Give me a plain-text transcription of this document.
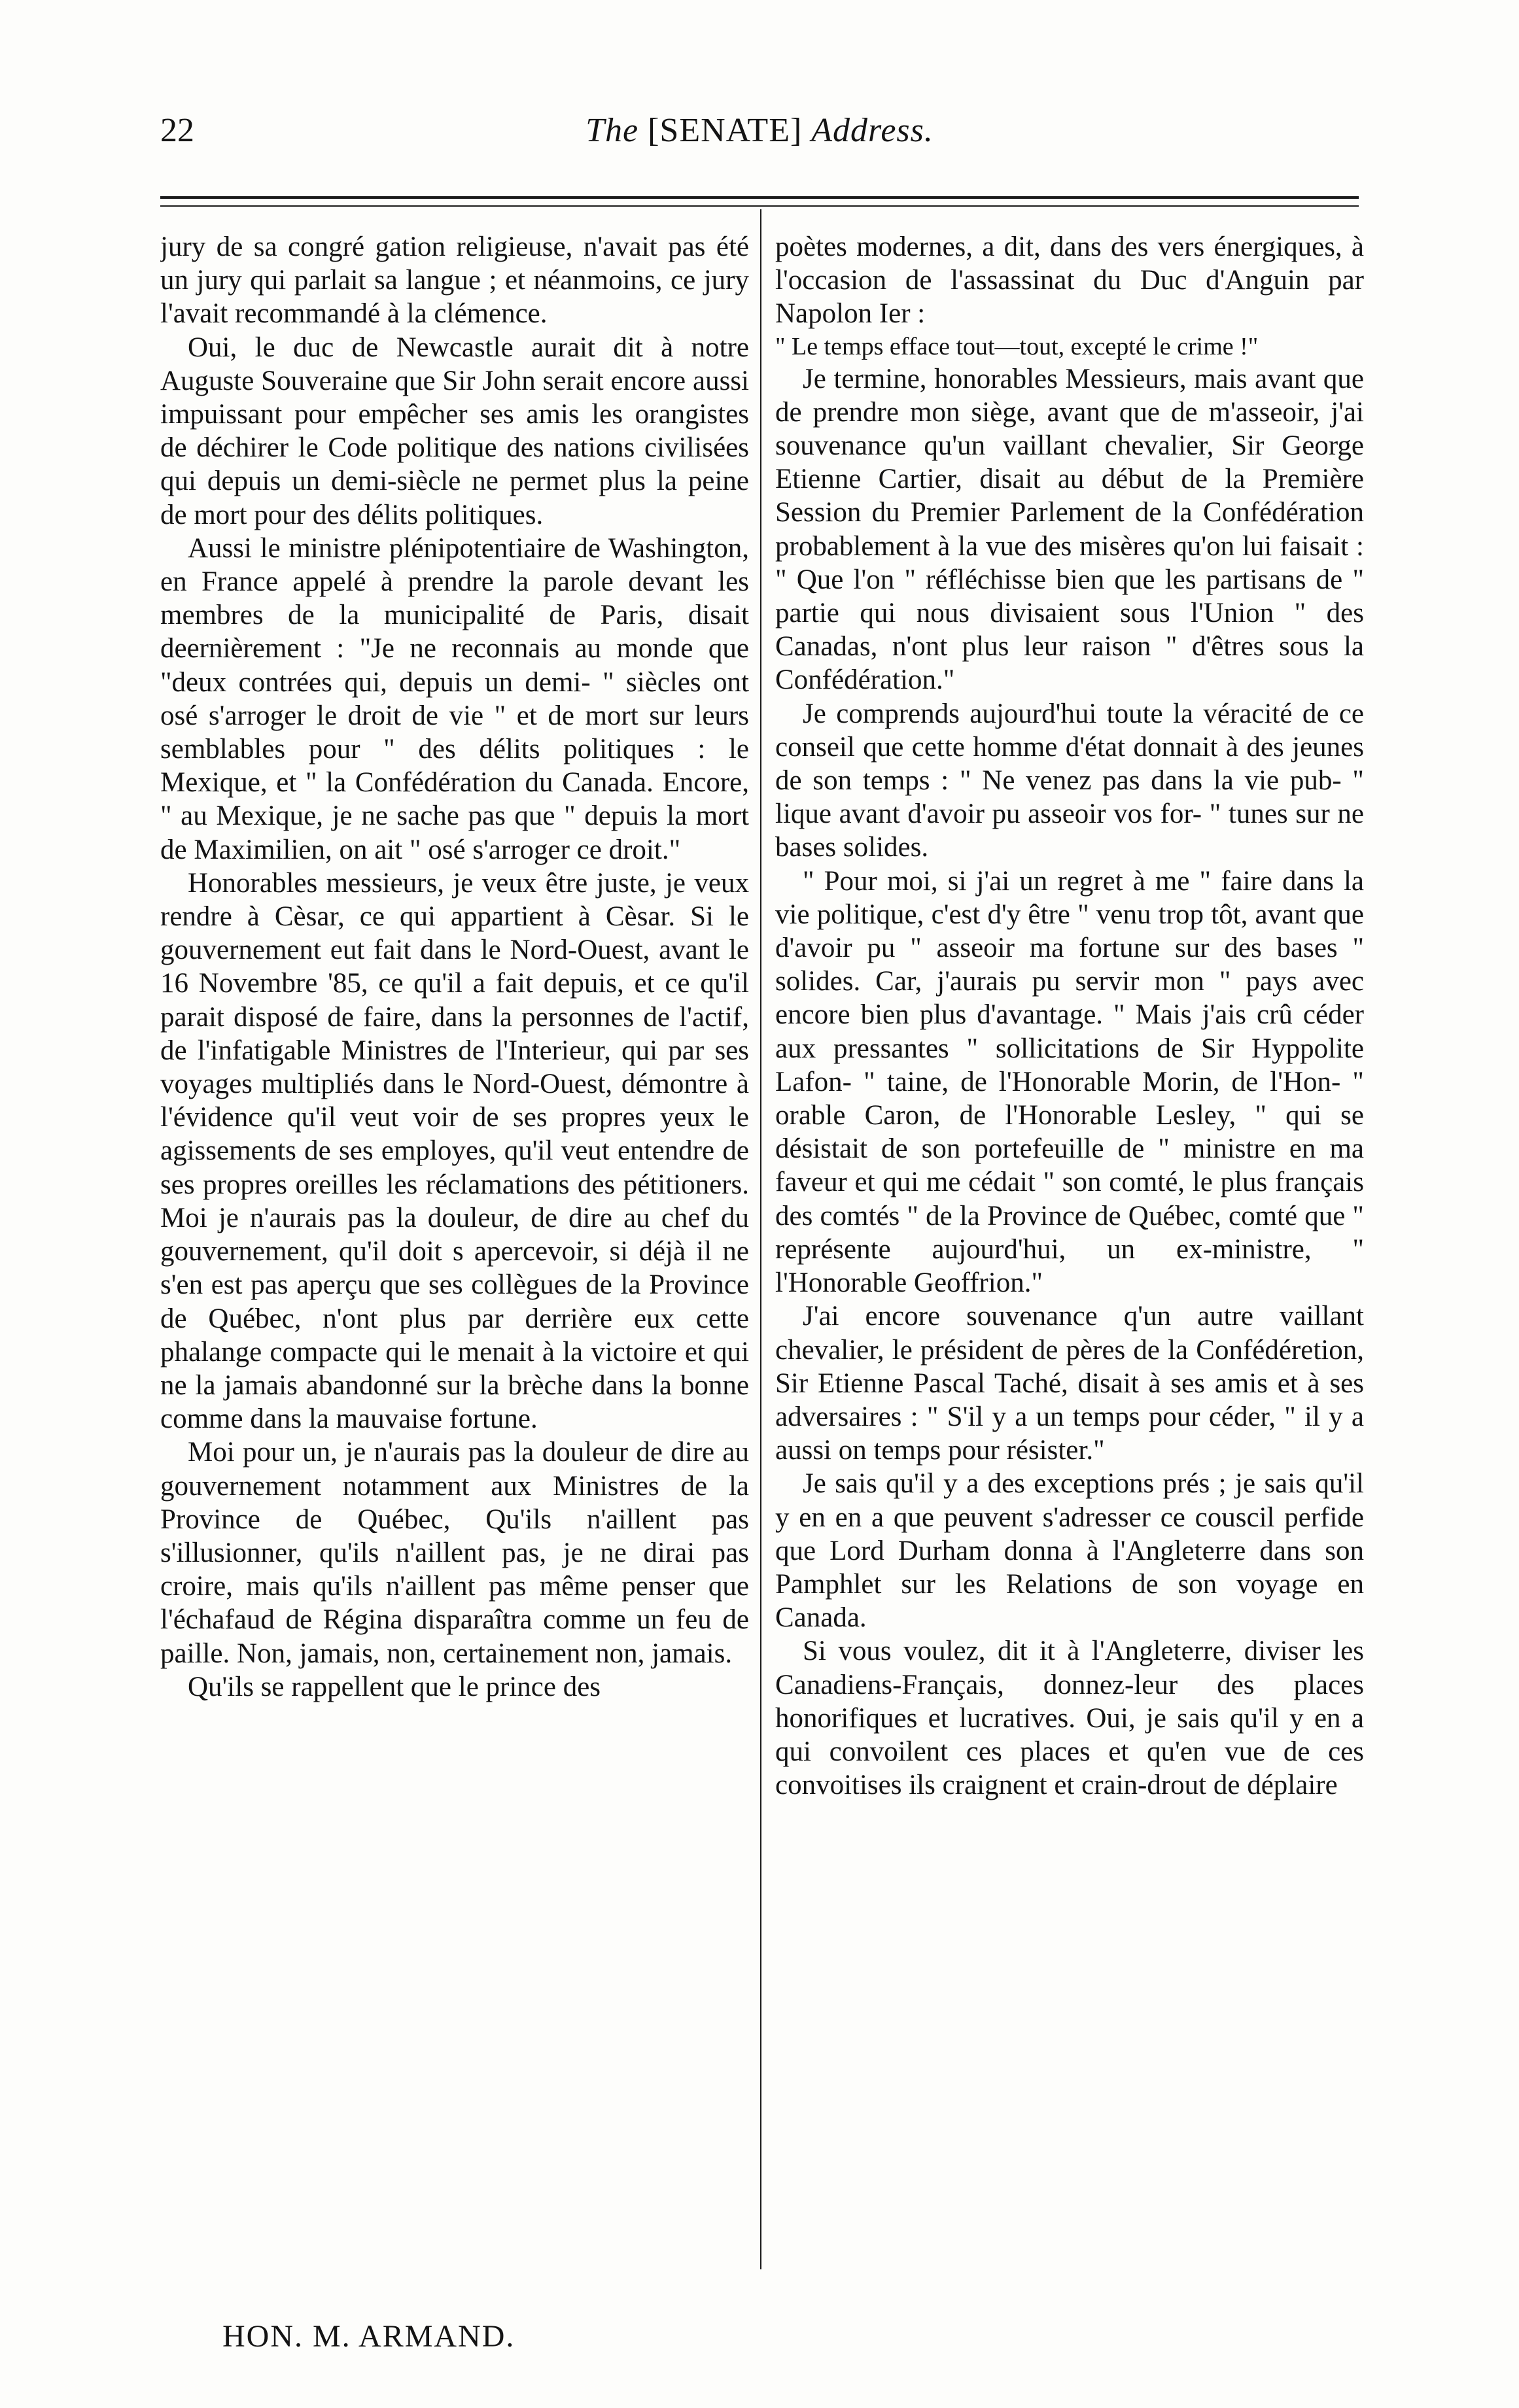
22	The [SENATE] Address.

jury de sa congré gation religieuse, n'avait pas été un jury qui parlait sa langue ; et néanmoins, ce jury l'avait recommandé à la clémence.

Oui, le duc de Newcastle aurait dit à notre Auguste Souveraine que Sir John serait encore aussi impuissant pour empêcher ses amis les orangistes de déchirer le Code politique des nations civilisées qui depuis un demi-siècle ne permet plus la peine de mort pour des délits politiques.

Aussi le ministre plénipotentiaire de Washington, en France appelé à prendre la parole devant les membres de la municipalité de Paris, disait deernièrement : "Je ne reconnais au monde que "deux contrées qui, depuis un demi- " siècles ont osé s'arroger le droit de vie " et de mort sur leurs semblables pour " des délits politiques : le Mexique, et " la Confédération du Canada. Encore, " au Mexique, je ne sache pas que " depuis la mort de Maximilien, on ait " osé s'arroger ce droit."

Honorables messieurs, je veux être juste, je veux rendre à Cèsar, ce qui appartient à Cèsar. Si le gouvernement eut fait dans le Nord-Ouest, avant le 16 Novembre '85, ce qu'il a fait depuis, et ce qu'il parait disposé de faire, dans la personnes de l'actif, de l'infatigable Ministres de l'Interieur, qui par ses voyages multipliés dans le Nord-Ouest, démontre à l'évidence qu'il veut voir de ses propres yeux le agissements de ses employes, qu'il veut entendre de ses propres oreilles les réclamations des pétitioners. Moi je n'aurais pas la douleur, de dire au chef du gouvernement, qu'il doit s apercevoir, si déjà il ne s'en est pas aperçu que ses collègues de la Province de Québec, n'ont plus par derrière eux cette phalange compacte qui le menait à la victoire et qui ne la jamais abandonné sur la brèche dans la bonne comme dans la mauvaise fortune.

Moi pour un, je n'aurais pas la douleur de dire au gouvernement notamment aux Ministres de la Province de Québec, Qu'ils n'aillent pas s'illusionner, qu'ils n'aillent pas, je ne dirai pas croire, mais qu'ils n'aillent pas même penser que l'échafaud de Régina disparaîtra comme un feu de paille. Non, jamais, non, certainement non, jamais.

Qu'ils se rappellent que le prince des

poètes modernes, a dit, dans des vers énergiques, à l'occasion de l'assassinat du Duc d'Anguin par Napolon Ier :

" Le temps efface tout—tout, excepté le crime !"

Je termine, honorables Messieurs, mais avant que de prendre mon siège, avant que de m'asseoir, j'ai souvenance qu'un vaillant chevalier, Sir George Etienne Cartier, disait au début de la Première Session du Premier Parlement de la Confédération probablement à la vue des misères qu'on lui faisait : " Que l'on " réfléchisse bien que les partisans de " partie qui nous divisaient sous l'Union " des Canadas, n'ont plus leur raison " d'êtres sous la Confédération."

Je comprends aujourd'hui toute la véracité de ce conseil que cette homme d'état donnait à des jeunes de son temps : " Ne venez pas dans la vie pub- " lique avant d'avoir pu asseoir vos for- " tunes sur ne bases solides.

" Pour moi, si j'ai un regret à me " faire dans la vie politique, c'est d'y être " venu trop tôt, avant que d'avoir pu " asseoir ma fortune sur des bases " solides. Car, j'aurais pu servir mon " pays avec encore bien plus d'avantage. " Mais j'ais crû céder aux pressantes " sollicitations de Sir Hyppolite Lafon- " taine, de l'Honorable Morin, de l'Hon- " orable Caron, de l'Honorable Lesley, " qui se désistait de son portefeuille de " ministre en ma faveur et qui me cédait " son comté, le plus français des comtés " de la Province de Québec, comté que " représente aujourd'hui, un ex-ministre, " l'Honorable Geoffrion."

J'ai encore souvenance q'un autre vaillant chevalier, le président de pères de la Confédéretion, Sir Etienne Pascal Taché, disait à ses amis et à ses adversaires : " S'il y a un temps pour céder, " il y a aussi on temps pour résister."

Je sais qu'il y a des exceptions prés ; je sais qu'il y en en a que peuvent s'adresser ce couscil perfide que Lord Durham donna à l'Angleterre dans son Pamphlet sur les Relations de son voyage en Canada.

Si vous voulez, dit it à l'Angleterre, diviser les Canadiens-Français, donnez-leur des places honorifiques et lucratives. Oui, je sais qu'il y en a qui convoilent ces places et qu'en vue de ces convoitises ils craignent et crain-drout de déplaire

HON. M. ARMAND.
